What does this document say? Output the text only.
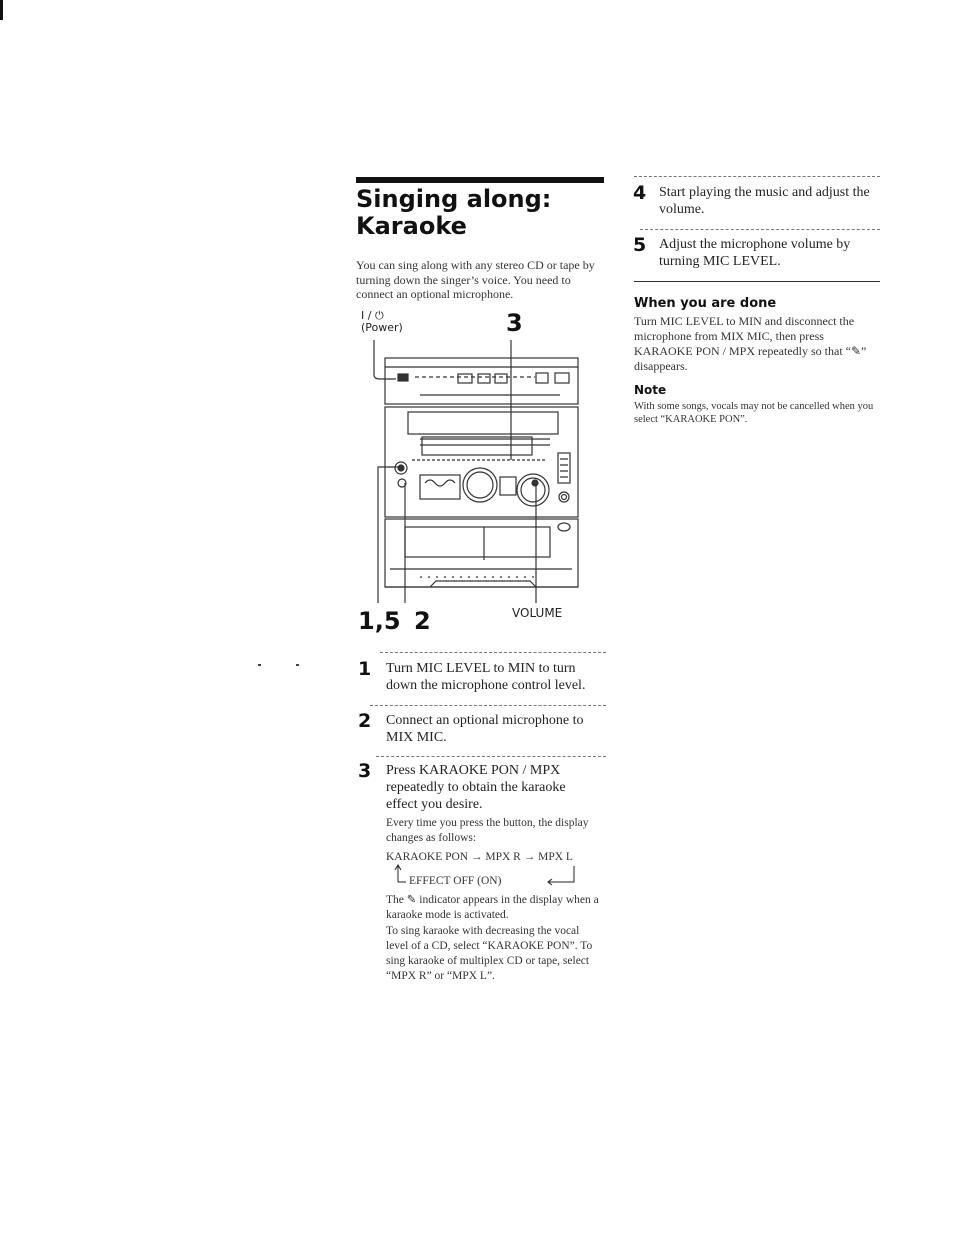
Singing along:
Karaoke
You can sing along with any stereo CD or tape by turning down the singer’s voice. You need to connect an optional microphone.
I / ⏻
(Power)	3
1,5 2	VOLUME
1 Turn MIC LEVEL to MIN to turn down the microphone control level.
2 Connect an optional microphone to MIX MIC.
3 Press KARAOKE PON / MPX repeatedly to obtain the karaoke effect you desire.
Every time you press the button, the display changes as follows:
KARAOKE PON → MPX R → MPX L
EFFECT OFF (ON)
The ✎ indicator appears in the display when a karaoke mode is activated.
To sing karaoke with decreasing the vocal level of a CD, select “KARAOKE PON”. To sing karaoke of multiplex CD or tape, select “MPX R” or “MPX L”.
4 Start playing the music and adjust the volume.
5 Adjust the microphone volume by turning MIC LEVEL.
When you are done
Turn MIC LEVEL to MIN and disconnect the microphone from MIX MIC, then press KARAOKE PON / MPX repeatedly so that “✎” disappears.
Note
With some songs, vocals may not be cancelled when you select “KARAOKE PON”.
